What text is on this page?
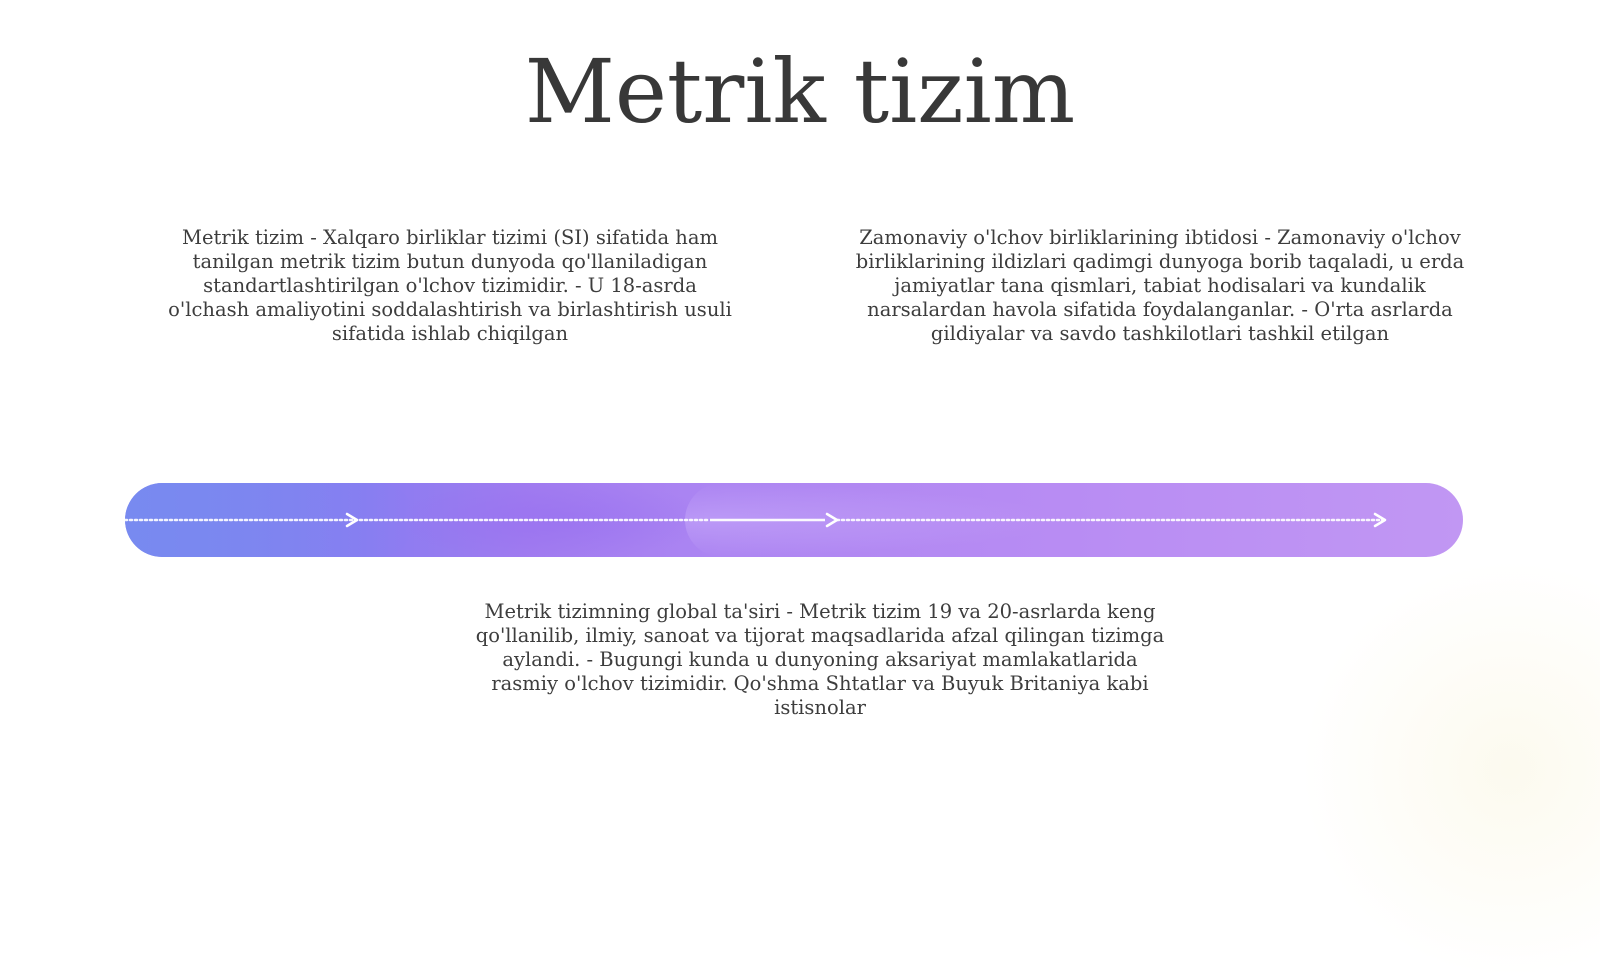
Metrik tizim

Metrik tizim - Xalqaro birliklar tizimi (SI) sifatida ham tanilgan metrik tizim butun dunyoda qo'llaniladigan standartlashtirilgan o'lchov tizimidir. - U 18-asrda o'lchash amaliyotini soddalashtirish va birlashtirish usuli sifatida ishlab chiqilgan

Zamonaviy o'lchov birliklarining ibtidosi - Zamonaviy o'lchov birliklarining ildizlari qadimgi dunyoga borib taqaladi, u erda jamiyatlar tana qismlari, tabiat hodisalari va kundalik narsalardan havola sifatida foydalanganlar. - O'rta asrlarda gildiyalar va savdo tashkilotlari tashkil etilgan

Metrik tizimning global ta'siri - Metrik tizim 19 va 20-asrlarda keng qo'llanilib, ilmiy, sanoat va tijorat maqsadlarida afzal qilingan tizimga aylandi. - Bugungi kunda u dunyoning aksariyat mamlakatlarida rasmiy o'lchov tizimidir. Qo'shma Shtatlar va Buyuk Britaniya kabi istisnolar
